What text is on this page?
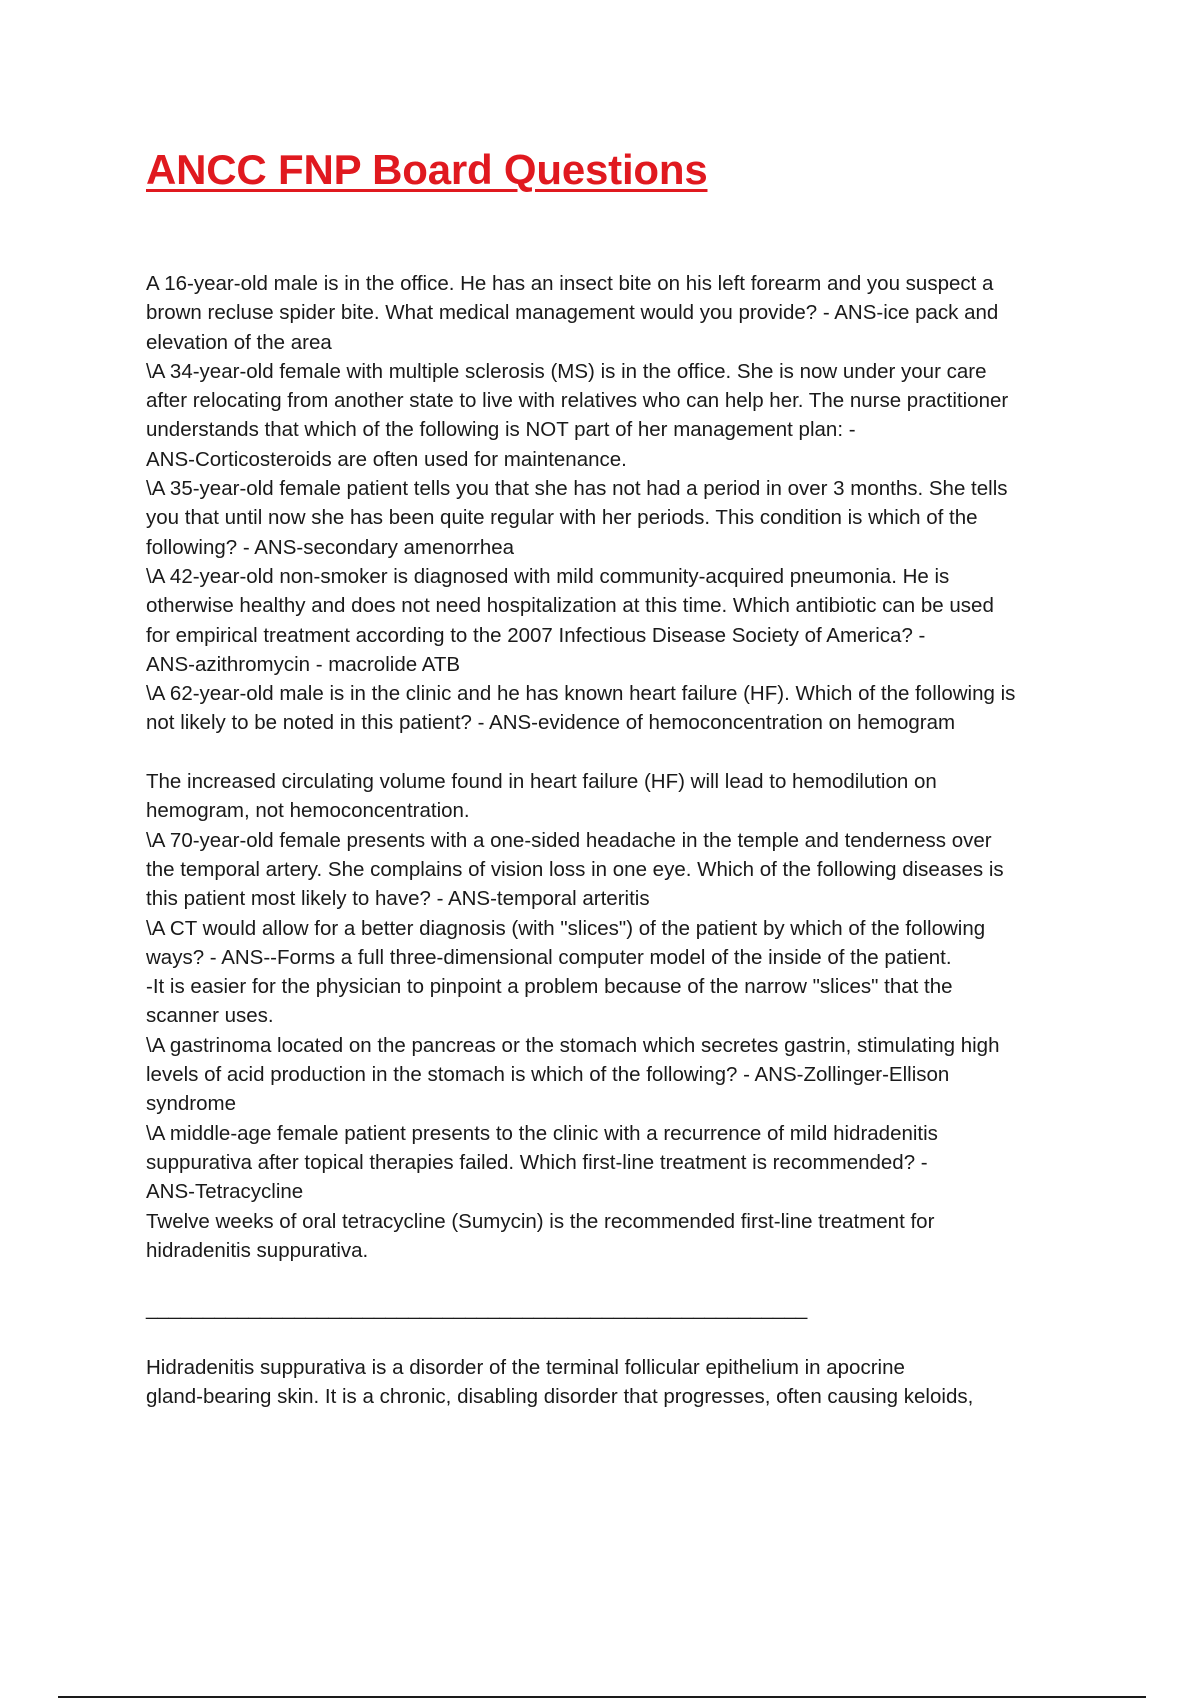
ANCC FNP Board Questions

A 16-year-old male is in the office. He has an insect bite on his left forearm and you suspect a

brown recluse spider bite. What medical management would you provide? - ANS-ice pack and

elevation of the area

\A 34-year-old female with multiple sclerosis (MS) is in the office. She is now under your care

after relocating from another state to live with relatives who can help her. The nurse practitioner

understands that which of the following is NOT part of her management plan: -

ANS-Corticosteroids are often used for maintenance.

\A 35-year-old female patient tells you that she has not had a period in over 3 months. She tells

you that until now she has been quite regular with her periods. This condition is which of the

following? - ANS-secondary amenorrhea

\A 42-year-old non-smoker is diagnosed with mild community-acquired pneumonia. He is

otherwise healthy and does not need hospitalization at this time. Which antibiotic can be used

for empirical treatment according to the 2007 Infectious Disease Society of America? -

ANS-azithromycin - macrolide ATB

\A 62-year-old male is in the clinic and he has known heart failure (HF). Which of the following is

not likely to be noted in this patient? - ANS-evidence of hemoconcentration on hemogram

The increased circulating volume found in heart failure (HF) will lead to hemodilution on

hemogram, not hemoconcentration.

\A 70-year-old female presents with a one-sided headache in the temple and tenderness over

the temporal artery. She complains of vision loss in one eye. Which of the following diseases is

this patient most likely to have? - ANS-temporal arteritis

\A CT would allow for a better diagnosis (with "slices") of the patient by which of the following

ways? - ANS--Forms a full three-dimensional computer model of the inside of the patient.

-It is easier for the physician to pinpoint a problem because of the narrow "slices" that the

scanner uses.

\A gastrinoma located on the pancreas or the stomach which secretes gastrin, stimulating high

levels of acid production in the stomach is which of the following? - ANS-Zollinger-Ellison

syndrome

\A middle-age female patient presents to the clinic with a recurrence of mild hidradenitis

suppurativa after topical therapies failed. Which first-line treatment is recommended? -

ANS-Tetracycline

Twelve weeks of oral tetracycline (Sumycin) is the recommended first-line treatment for

hidradenitis suppurativa.

__________________________________________________________

Hidradenitis suppurativa is a disorder of the terminal follicular epithelium in apocrine

gland-bearing skin. It is a chronic, disabling disorder that progresses, often causing keloids,
